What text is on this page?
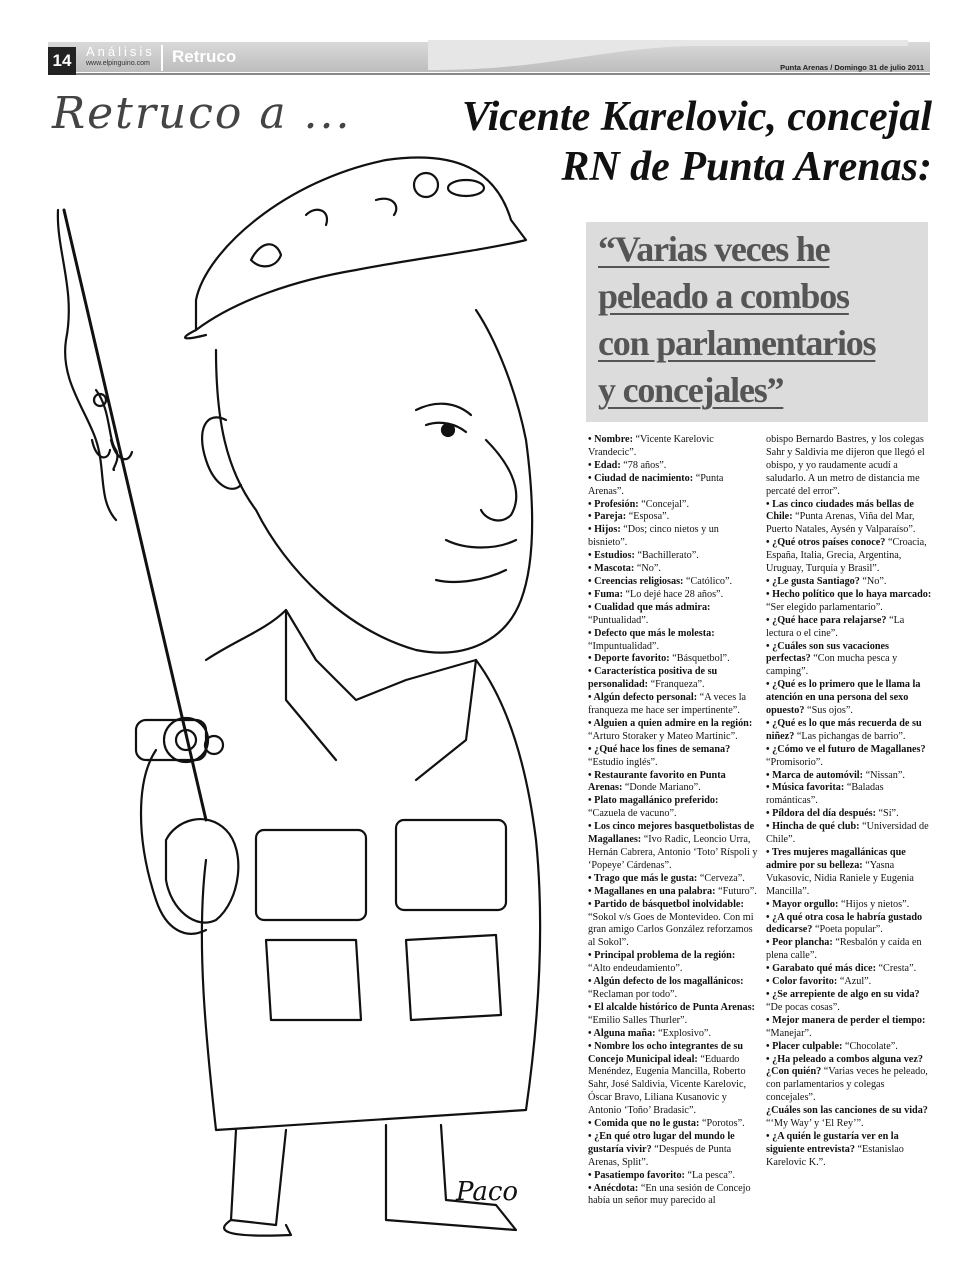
14	Análisis
www.elpinguino.com Retruco
Punta Arenas / Domingo 31 de julio 2011
Retruco a ...	Vicente Karelovic, concejal
RN de Punta Arenas:
“Varias veces he
peleado a combos
con parlamentarios
y concejales”
Paco

• Nombre: “Vicente Karelovic Vrandecic”.

• Edad: “78 años”.

• Ciudad de nacimiento: “Punta Arenas”.

• Profesión: “Concejal”.

• Pareja: “Esposa”.

• Hijos: “Dos; cinco nietos y un bisnieto”.

• Estudios: “Bachillerato”.

• Mascota: “No”.

• Creencias religiosas: “Católico”.

• Fuma: “Lo dejé hace 28 años”.

• Cualidad que más admira: “Puntualidad”.

• Defecto que más le molesta: “Impuntualidad”.

• Deporte favorito: “Básquetbol”.

• Característica positiva de su personalidad: “Franqueza”.

• Algún defecto personal: “A veces la franqueza me hace ser impertinente”.

• Alguien a quien admire en la región: “Arturo Storaker y Mateo Martinic”.

• ¿Qué hace los fines de semana? “Estudio inglés”.

• Restaurante favorito en Punta Arenas: “Donde Mariano”.

• Plato magallánico preferido: “Cazuela de vacuno”.

• Los cinco mejores basquetbolistas de Magallanes: “Ivo Radic, Leoncio Urra, Hernán Cabrera, Antonio ‘Toto’ Ríspoli y ‘Popeye’ Cárdenas”.

• Trago que más le gusta: “Cerveza”.

• Magallanes en una palabra: “Futuro”.

• Partido de básquetbol inolvidable: “Sokol v/s Goes de Montevideo. Con mi gran amigo Carlos González reforzamos al Sokol”.

• Principal problema de la región: “Alto endeudamiento”.

• Algún defecto de los magallánicos: “Reclaman por todo”.

• El alcalde histórico de Punta Arenas: “Emilio Salles Thurler”.

• Alguna maña: “Explosivo”.

• Nombre los ocho integrantes de su Concejo Municipal ideal: “Eduardo Menéndez, Eugenia Mancilla, Roberto Sahr, José Saldivia, Vicente Karelovic, Óscar Bravo, Liliana Kusanovic y Antonio ‘Toño’ Bradasic”.

• Comida que no le gusta: “Porotos”.

• ¿En qué otro lugar del mundo le gustaría vivir? “Después de Punta Arenas, Split”.

• Pasatiempo favorito: “La pesca”.

• Anécdota: “En una sesión de Concejo había un señor muy parecido al

obispo Bernardo Bastres, y los colegas Sahr y Saldivia me dijeron que llegó el obispo, y yo raudamente acudí a saludarlo. A un metro de distancia me percaté del error”.

• Las cinco ciudades más bellas de Chile: “Punta Arenas, Viña del Mar, Puerto Natales, Aysén y Valparaíso”.

• ¿Qué otros países conoce? “Croacia, España, Italia, Grecia, Argentina, Uruguay, Turquía y Brasil”.

• ¿Le gusta Santiago? “No”.

• Hecho político que lo haya marcado: “Ser elegido parlamentario”.

• ¿Qué hace para relajarse? “La lectura o el cine”.

• ¿Cuáles son sus vacaciones perfectas? “Con mucha pesca y camping”.

• ¿Qué es lo primero que le llama la atención en una persona del sexo opuesto? “Sus ojos”.

• ¿Qué es lo que más recuerda de su niñez? “Las pichangas de barrio”.

• ¿Cómo ve el futuro de Magallanes? “Promisorio”.

• Marca de automóvil: “Nissan”.

• Música favorita: “Baladas románticas”.

• Píldora del día después: “Sí”.

• Hincha de qué club: “Universidad de Chile”.

• Tres mujeres magallánicas que admire por su belleza: “Yasna Vukasovic, Nidia Raniele y Eugenia Mancilla”.

• Mayor orgullo: “Hijos y nietos”.

• ¿A qué otra cosa le habría gustado dedicarse? “Poeta popular”.

• Peor plancha: “Resbalón y caída en plena calle”.

• Garabato qué más dice: “Cresta”.

• Color favorito: “Azul”.

• ¿Se arrepiente de algo en su vida? “De pocas cosas”.

• Mejor manera de perder el tiempo: “Manejar”.

• Placer culpable: “Chocolate”.

• ¿Ha peleado a combos alguna vez? ¿Con quién? “Varias veces he peleado, con parlamentarios y colegas concejales”.

¿Cuáles son las canciones de su vida? “‘My Way’ y ‘El Rey’”.

• ¿A quién le gustaría ver en la siguiente entrevista? “Estanislao Karelovic K.”.
